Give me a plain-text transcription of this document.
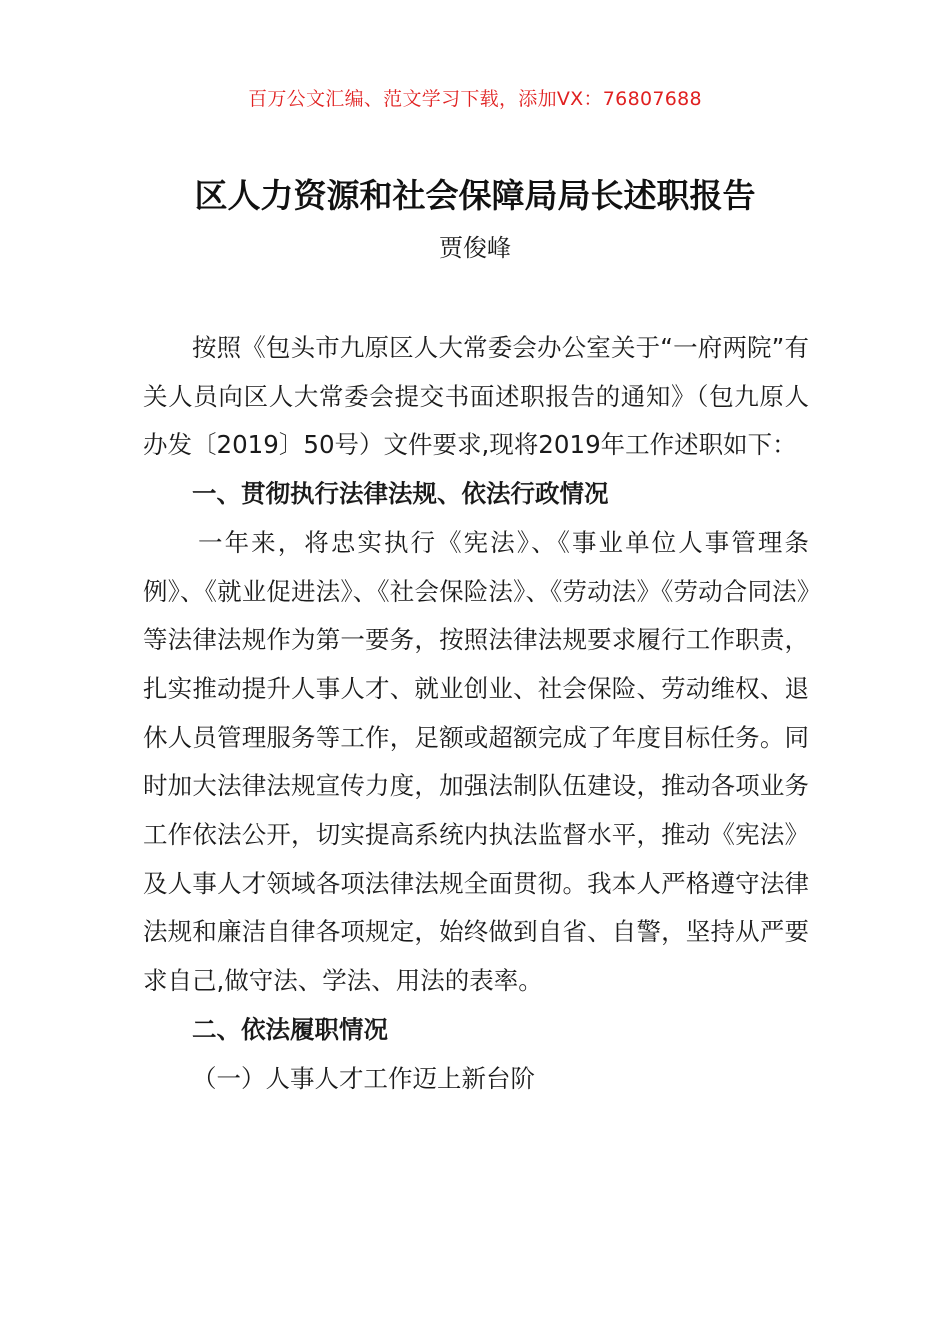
百万公文汇编、范文学习下载，添加VX：76807688
区人力资源和社会保障局局长述职报告
贾俊峰

按照《包头市九原区人大常委会办公室关于“一府两院”有关人员向区人大常委会提交书面述职报告的通知》（包九原人办发〔2019〕50号）文件要求,现将2019年工作述职如下：

一、贯彻执行法律法规、依法行政情况

一年来，将忠实执行《宪法》、《事业单位人事管理条例》、《就业促进法》、《社会保险法》、《劳动法》《劳动合同法》等法律法规作为第一要务，按照法律法规要求履行工作职责，扎实推动提升人事人才、就业创业、社会保险、劳动维权、退休人员管理服务等工作，足额或超额完成了年度目标任务。同时加大法律法规宣传力度，加强法制队伍建设，推动各项业务工作依法公开，切实提高系统内执法监督水平，推动《宪法》及人事人才领域各项法律法规全面贯彻。我本人严格遵守法律法规和廉洁自律各项规定，始终做到自省、自警，坚持从严要求自己,做守法、学法、用法的表率。

二、依法履职情况

（一）人事人才工作迈上新台阶
